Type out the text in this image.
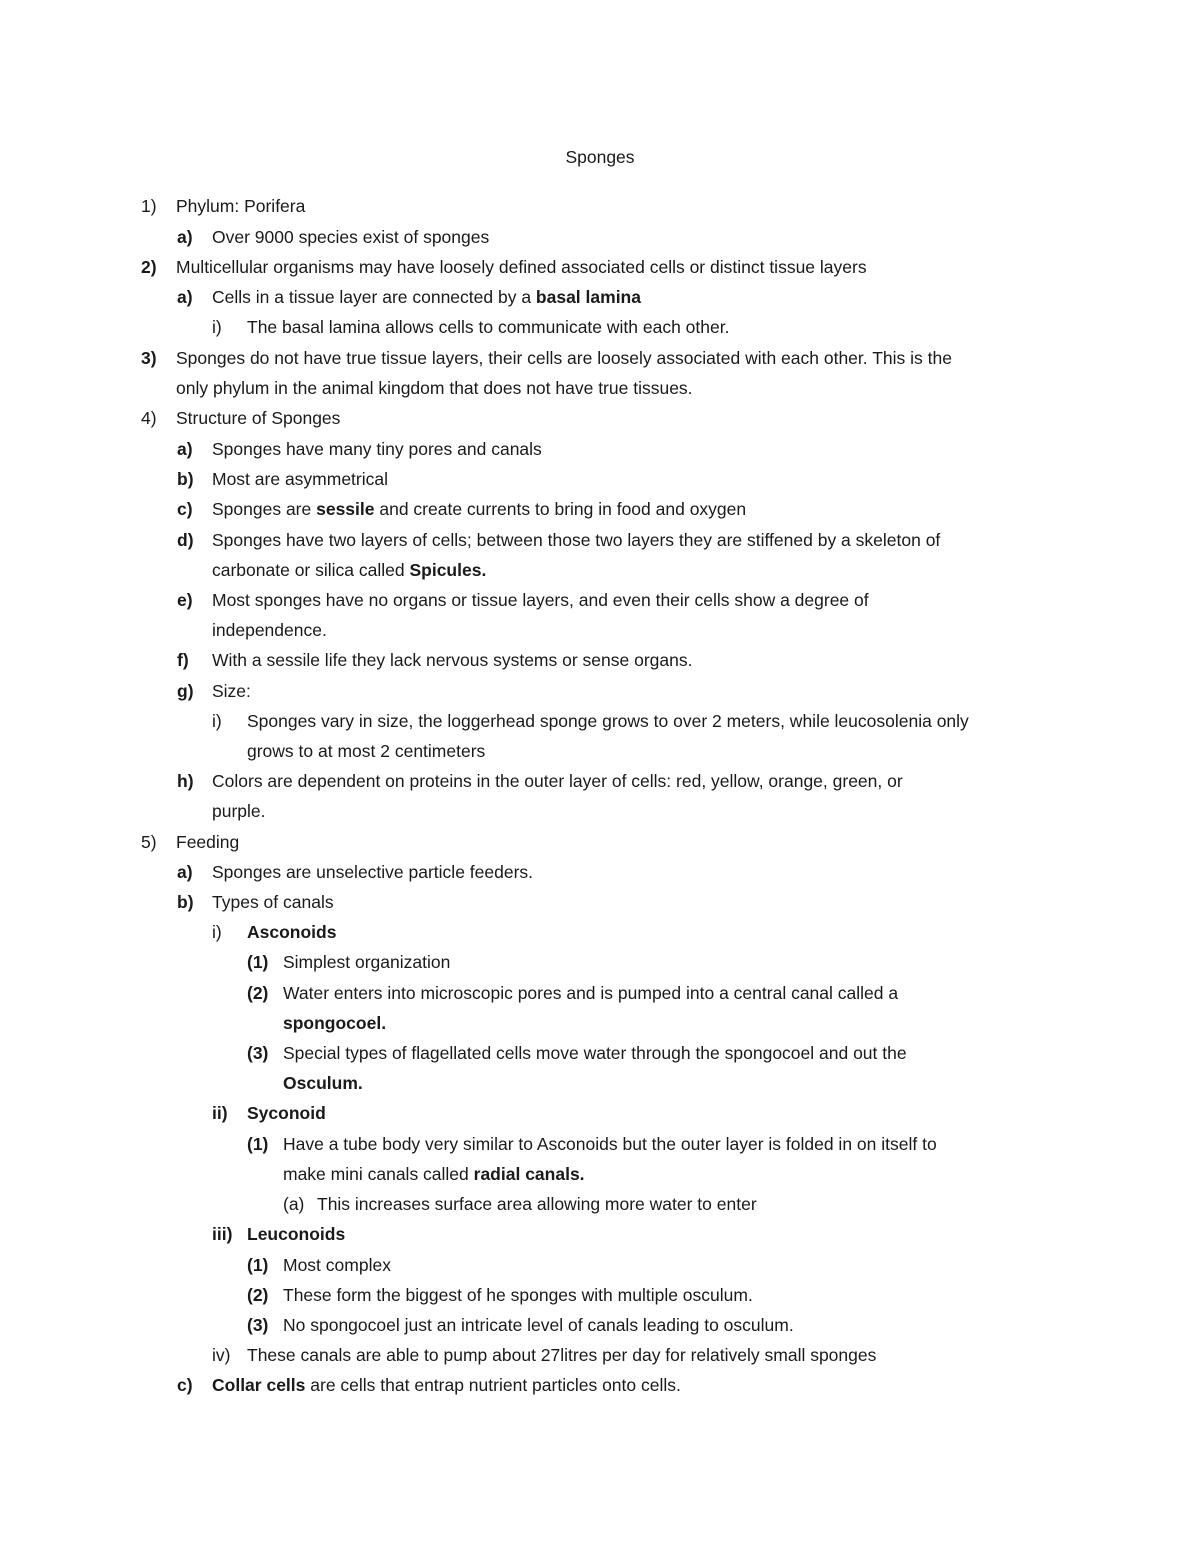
Sponges
1) Phylum: Porifera
a) Over 9000 species exist of sponges
2) Multicellular organisms may have loosely defined associated cells or distinct tissue layers
a) Cells in a tissue layer are connected by a basal lamina
i) The basal lamina allows cells to communicate with each other.
3) Sponges do not have true tissue layers, their cells are loosely associated with each other. This is the
only phylum in the animal kingdom that does not have true tissues.
4) Structure of Sponges
a) Sponges have many tiny pores and canals
b) Most are asymmetrical
c) Sponges are sessile and create currents to bring in food and oxygen
d) Sponges have two layers of cells; between those two layers they are stiffened by a skeleton of
carbonate or silica called Spicules.
e) Most sponges have no organs or tissue layers, and even their cells show a degree of
independence.
f) With a sessile life they lack nervous systems or sense organs.
g) Size:
i) Sponges vary in size, the loggerhead sponge grows to over 2 meters, while leucosolenia only
grows to at most 2 centimeters
h) Colors are dependent on proteins in the outer layer of cells: red, yellow, orange, green, or
purple.
5) Feeding
a) Sponges are unselective particle feeders.
b) Types of canals
i) Asconoids
(1) Simplest organization
(2) Water enters into microscopic pores and is pumped into a central canal called a
spongocoel.
(3) Special types of flagellated cells move water through the spongocoel and out the
Osculum.
ii) Syconoid
(1) Have a tube body very similar to Asconoids but the outer layer is folded in on itself to
make mini canals called radial canals.
(a) This increases surface area allowing more water to enter
iii) Leuconoids
(1) Most complex
(2) These form the biggest of he sponges with multiple osculum.
(3) No spongocoel just an intricate level of canals leading to osculum.
iv) These canals are able to pump about 27litres per day for relatively small sponges
c) Collar cells are cells that entrap nutrient particles onto cells.
